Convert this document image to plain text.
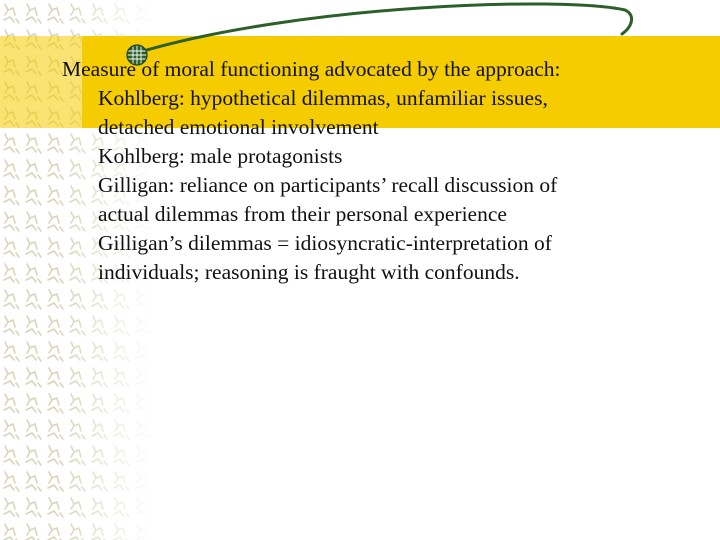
Measure of moral functioning advocated by the approach:
Kohlberg: hypothetical dilemmas, unfamiliar issues,
detached emotional involvement
Kohlberg: male protagonists
Gilligan: reliance on participants’ recall discussion of
actual dilemmas from their personal experience
Gilligan’s dilemmas = idiosyncratic-interpretation of
individuals; reasoning is fraught with confounds.
